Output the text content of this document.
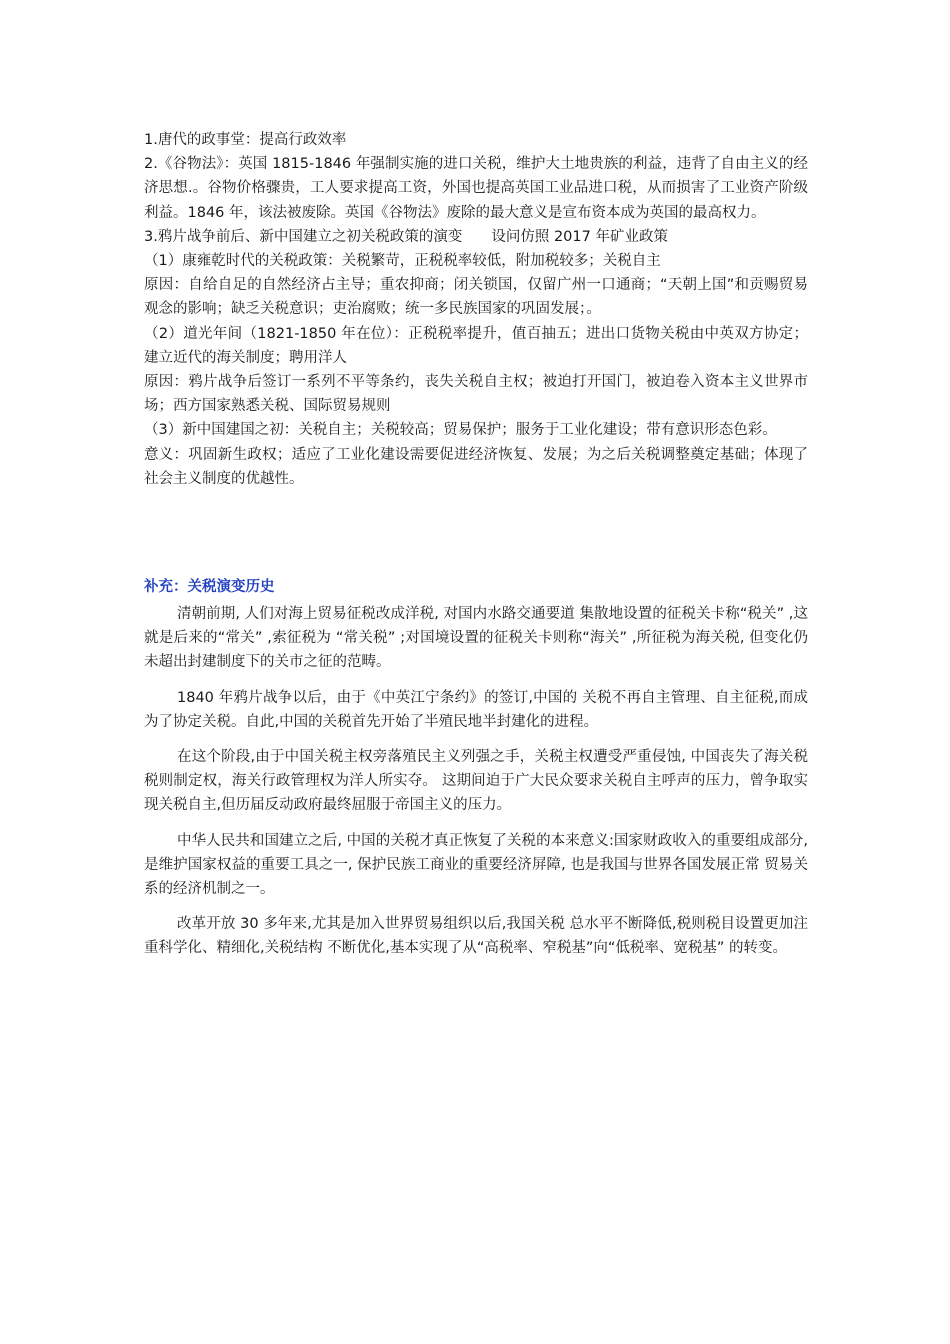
1.唐代的政事堂：提高行政效率

2.《谷物法》：英国 1815-1846 年强制实施的进口关税，维护大土地贵族的利益，违背了自由主义的经济思想.。谷物价格骤贵，工人要求提高工资，外国也提高英国工业品进口税，从而损害了工业资产阶级利益。1846 年，该法被废除。英国《谷物法》废除的最大意义是宣布资本成为英国的最高权力。

3.鸦片战争前后、新中国建立之初关税政策的演变　　设问仿照 2017 年矿业政策

（1）康雍乾时代的关税政策：关税繁苛，正税税率较低，附加税较多；关税自主

原因：自给自足的自然经济占主导；重农抑商；闭关锁国，仅留广州一口通商；“天朝上国”和贡赐贸易观念的影响；缺乏关税意识；吏治腐败；统一多民族国家的巩固发展；。

（2）道光年间（1821-1850 年在位）：正税税率提升，值百抽五；进出口货物关税由中英双方协定；建立近代的海关制度；聘用洋人

原因：鸦片战争后签订一系列不平等条约，丧失关税自主权；被迫打开国门，被迫卷入资本主义世界市场；西方国家熟悉关税、国际贸易规则

（3）新中国建国之初：关税自主；关税较高；贸易保护；服务于工业化建设；带有意识形态色彩。

意义：巩固新生政权；适应了工业化建设需要促进经济恢复、发展；为之后关税调整奠定基础；体现了社会主义制度的优越性。

补充：关税演变历史

清朝前期, 人们对海上贸易征税改成洋税, 对国内水路交通要道 集散地设置的征税关卡称“税关” ,这就是后来的“常关” ,索征税为 “常关税” ;对国境设置的征税关卡则称“海关” ,所征税为海关税, 但变化仍未超出封建制度下的关市之征的范畴。

1840 年鸦片战争以后，由于《中英江宁条约》的签订,中国的 关税不再自主管理、自主征税,而成为了协定关税。自此,中国的关税首先开始了半殖民地半封建化的进程。

在这个阶段,由于中国关税主权旁落殖民主义列强之手，关税主权遭受严重侵蚀, 中国丧失了海关税税则制定权，海关行政管理权为洋人所实夺。 这期间迫于广大民众要求关税自主呼声的压力，曾争取实现关税自主,但历届反动政府最终屈服于帝国主义的压力。

中华人民共和国建立之后, 中国的关税才真正恢复了关税的本来意义:国家财政收入的重要组成部分, 是维护国家权益的重要工具之一, 保护民族工商业的重要经济屏障, 也是我国与世界各国发展正常 贸易关系的经济机制之一。

改革开放 30 多年来,尤其是加入世界贸易组织以后,我国关税 总水平不断降低,税则税目设置更加注重科学化、精细化,关税结构 不断优化,基本实现了从“高税率、窄税基”向“低税率、宽税基” 的转变。
